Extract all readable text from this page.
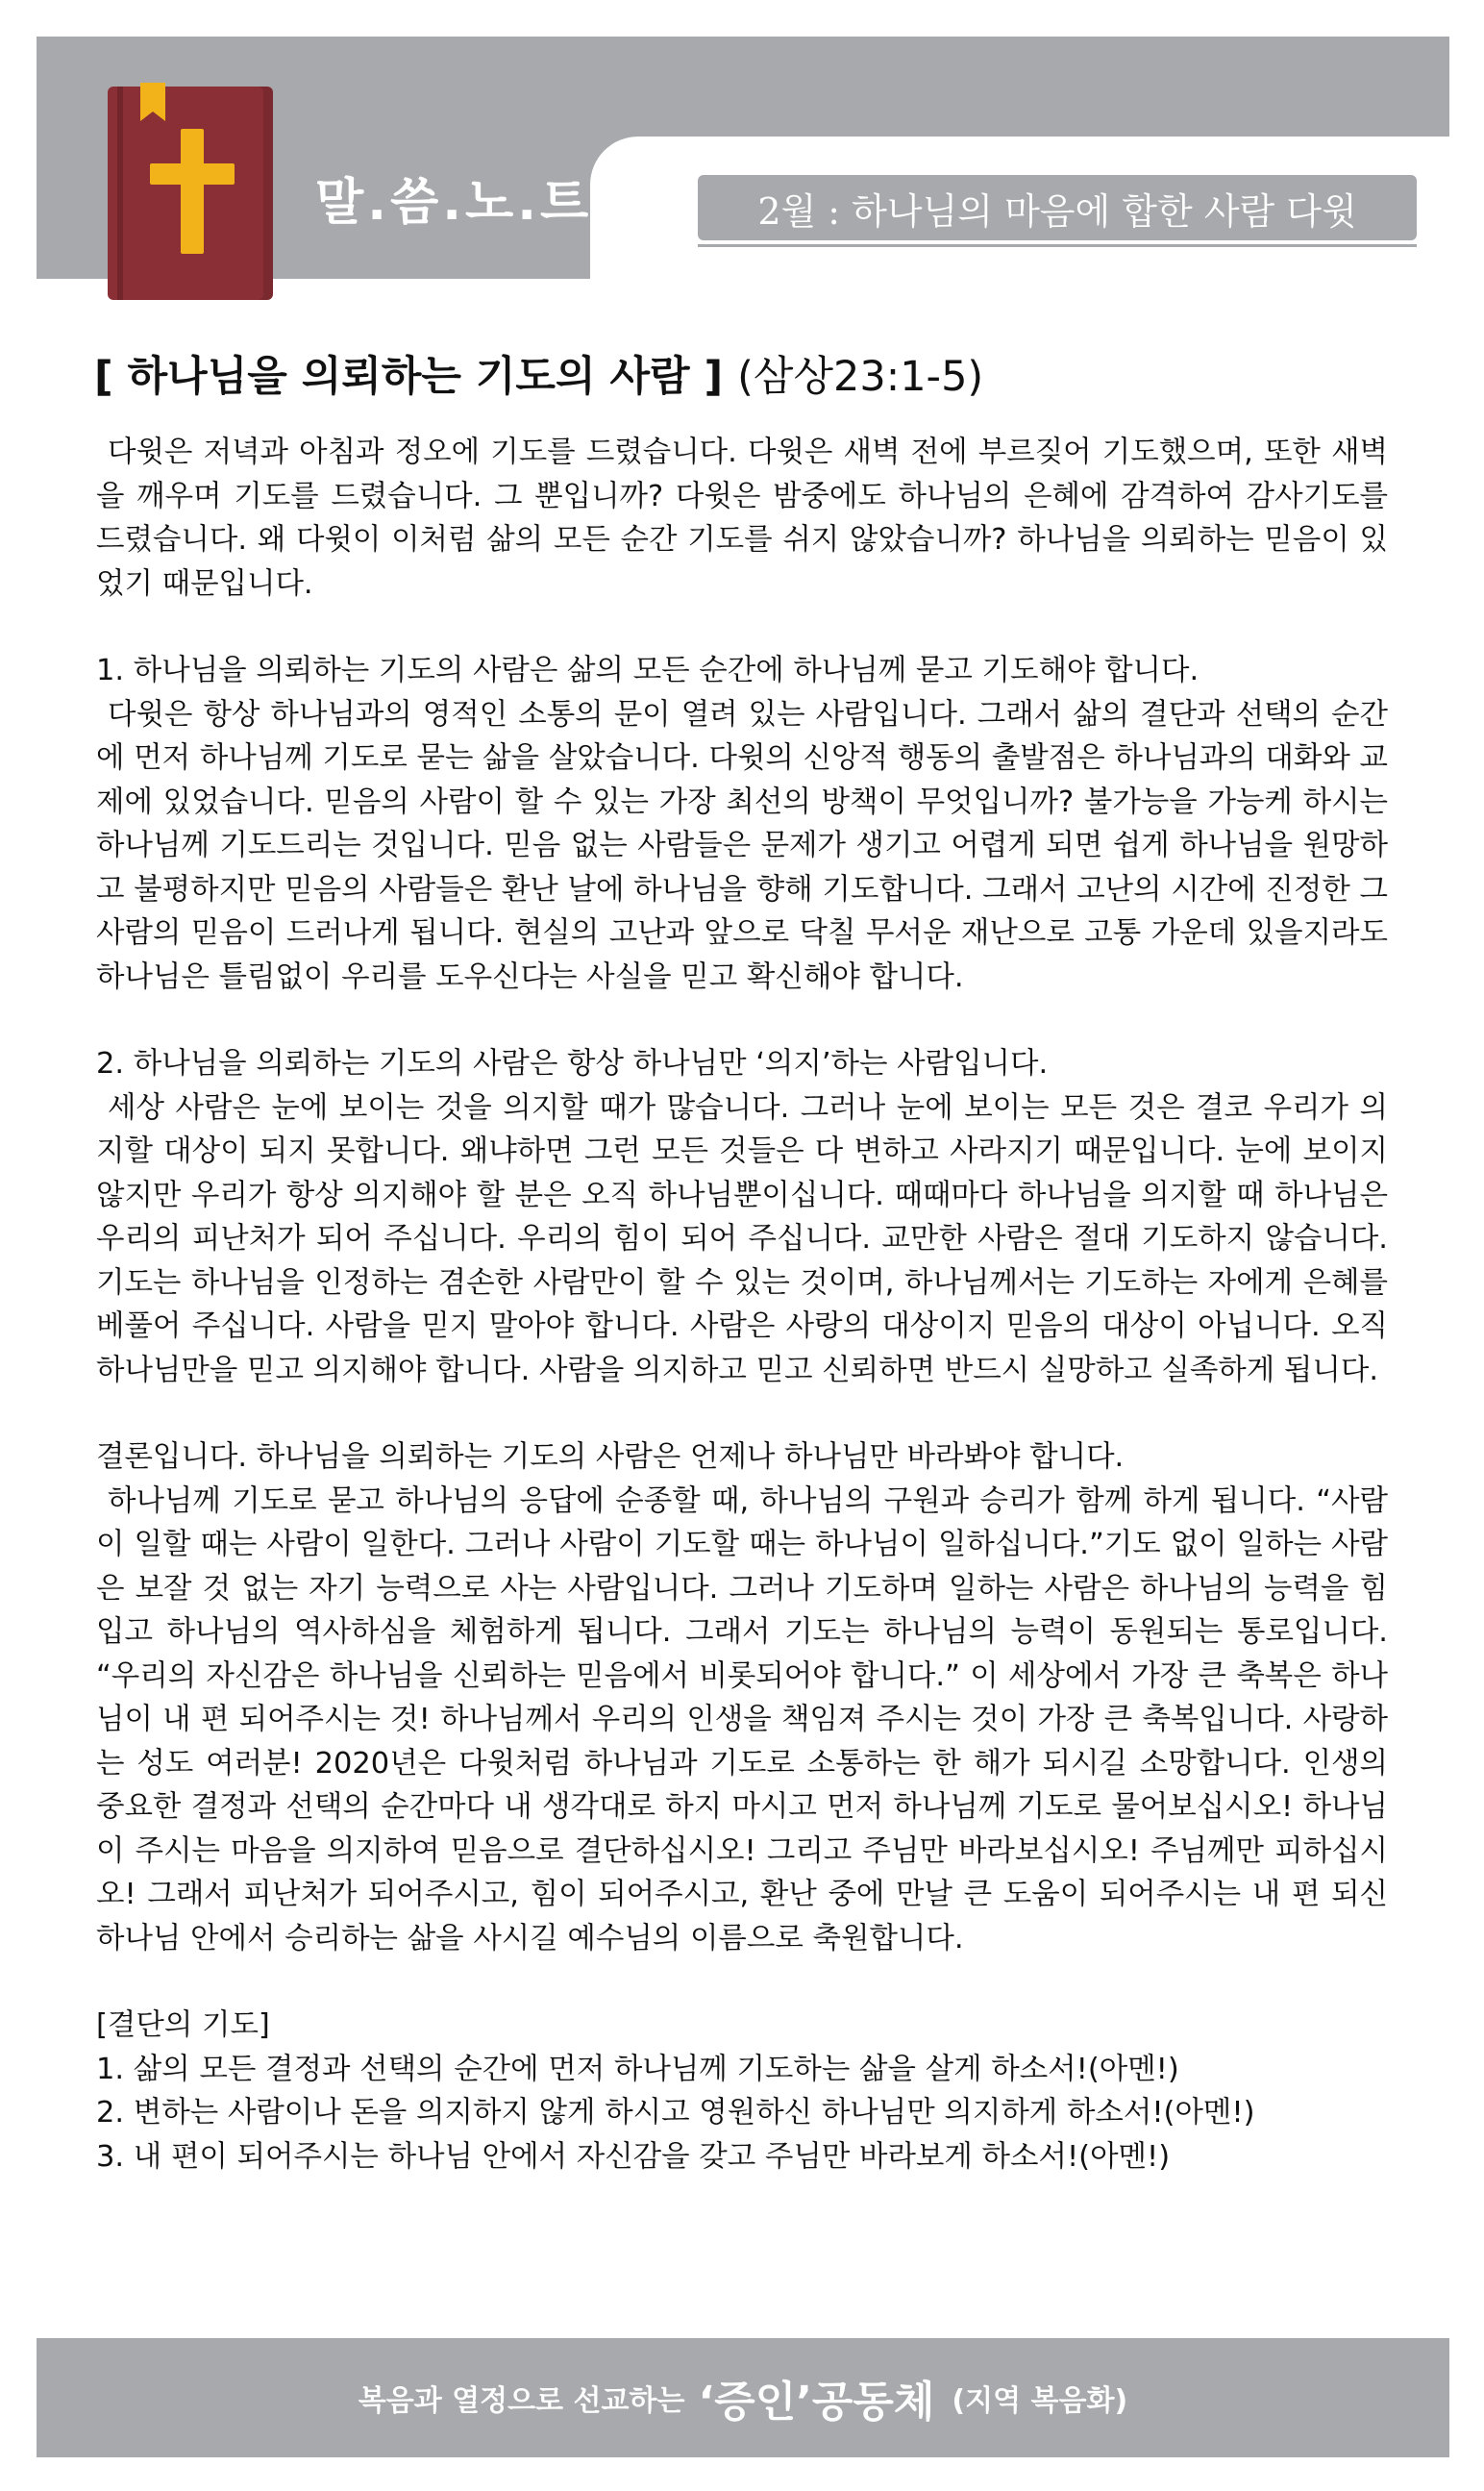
말.씀.노.트	2월 : 하나님의 마음에 합한 사람 다윗
[ 하나님을 의뢰하는 기도의 사람 ] (삼상23:1-5)

다윗은 저녁과 아침과 정오에 기도를 드렸습니다. 다윗은 새벽 전에 부르짖어 기도했으며, 또한 새벽을 깨우며 기도를 드렸습니다. 그 뿐입니까? 다윗은 밤중에도 하나님의 은혜에 감격하여 감사기도를 드렸습니다. 왜 다윗이 이처럼 삶의 모든 순간 기도를 쉬지 않았습니까? 하나님을 의뢰하는 믿음이 있었기 때문입니다.

1. 하나님을 의뢰하는 기도의 사람은 삶의 모든 순간에 하나님께 묻고 기도해야 합니다.

다윗은 항상 하나님과의 영적인 소통의 문이 열려 있는 사람입니다. 그래서 삶의 결단과 선택의 순간에 먼저 하나님께 기도로 묻는 삶을 살았습니다. 다윗의 신앙적 행동의 출발점은 하나님과의 대화와 교제에 있었습니다. 믿음의 사람이 할 수 있는 가장 최선의 방책이 무엇입니까? 불가능을 가능케 하시는 하나님께 기도드리는 것입니다. 믿음 없는 사람들은 문제가 생기고 어렵게 되면 쉽게 하나님을 원망하고 불평하지만 믿음의 사람들은 환난 날에 하나님을 향해 기도합니다. 그래서 고난의 시간에 진정한 그 사람의 믿음이 드러나게 됩니다. 현실의 고난과 앞으로 닥칠 무서운 재난으로 고통 가운데 있을지라도 하나님은 틀림없이 우리를 도우신다는 사실을 믿고 확신해야 합니다.

2. 하나님을 의뢰하는 기도의 사람은 항상 하나님만 ‘의지’하는 사람입니다.

세상 사람은 눈에 보이는 것을 의지할 때가 많습니다. 그러나 눈에 보이는 모든 것은 결코 우리가 의지할 대상이 되지 못합니다. 왜냐하면 그런 모든 것들은 다 변하고 사라지기 때문입니다. 눈에 보이지 않지만 우리가 항상 의지해야 할 분은 오직 하나님뿐이십니다. 때때마다 하나님을 의지할 때 하나님은 우리의 피난처가 되어 주십니다. 우리의 힘이 되어 주십니다. 교만한 사람은 절대 기도하지 않습니다. 기도는 하나님을 인정하는 겸손한 사람만이 할 수 있는 것이며, 하나님께서는 기도하는 자에게 은혜를 베풀어 주십니다. 사람을 믿지 말아야 합니다. 사람은 사랑의 대상이지 믿음의 대상이 아닙니다. 오직 하나님만을 믿고 의지해야 합니다. 사람을 의지하고 믿고 신뢰하면 반드시 실망하고 실족하게 됩니다.

결론입니다. 하나님을 의뢰하는 기도의 사람은 언제나 하나님만 바라봐야 합니다.

하나님께 기도로 묻고 하나님의 응답에 순종할 때, 하나님의 구원과 승리가 함께 하게 됩니다. “사람이 일할 때는 사람이 일한다. 그러나 사람이 기도할 때는 하나님이 일하십니다.”기도 없이 일하는 사람은 보잘 것 없는 자기 능력으로 사는 사람입니다. 그러나 기도하며 일하는 사람은 하나님의 능력을 힘입고 하나님의 역사하심을 체험하게 됩니다. 그래서 기도는 하나님의 능력이 동원되는 통로입니다. “우리의 자신감은 하나님을 신뢰하는 믿음에서 비롯되어야 합니다.” 이 세상에서 가장 큰 축복은 하나님이 내 편 되어주시는 것! 하나님께서 우리의 인생을 책임져 주시는 것이 가장 큰 축복입니다. 사랑하는 성도 여러분! 2020년은 다윗처럼 하나님과 기도로 소통하는 한 해가 되시길 소망합니다. 인생의 중요한 결정과 선택의 순간마다 내 생각대로 하지 마시고 먼저 하나님께 기도로 물어보십시오! 하나님이 주시는 마음을 의지하여 믿음으로 결단하십시오! 그리고 주님만 바라보십시오! 주님께만 피하십시오! 그래서 피난처가 되어주시고, 힘이 되어주시고, 환난 중에 만날 큰 도움이 되어주시는 내 편 되신 하나님 안에서 승리하는 삶을 사시길 예수님의 이름으로 축원합니다.

[결단의 기도]

1. 삶의 모든 결정과 선택의 순간에 먼저 하나님께 기도하는 삶을 살게 하소서!(아멘!)

2. 변하는 사람이나 돈을 의지하지 않게 하시고 영원하신 하나님만 의지하게 하소서!(아멘!)

3. 내 편이 되어주시는 하나님 안에서 자신감을 갖고 주님만 바라보게 하소서!(아멘!)

복음과 열정으로 선교하는 ‘증인’공동체 (지역 복음화)
